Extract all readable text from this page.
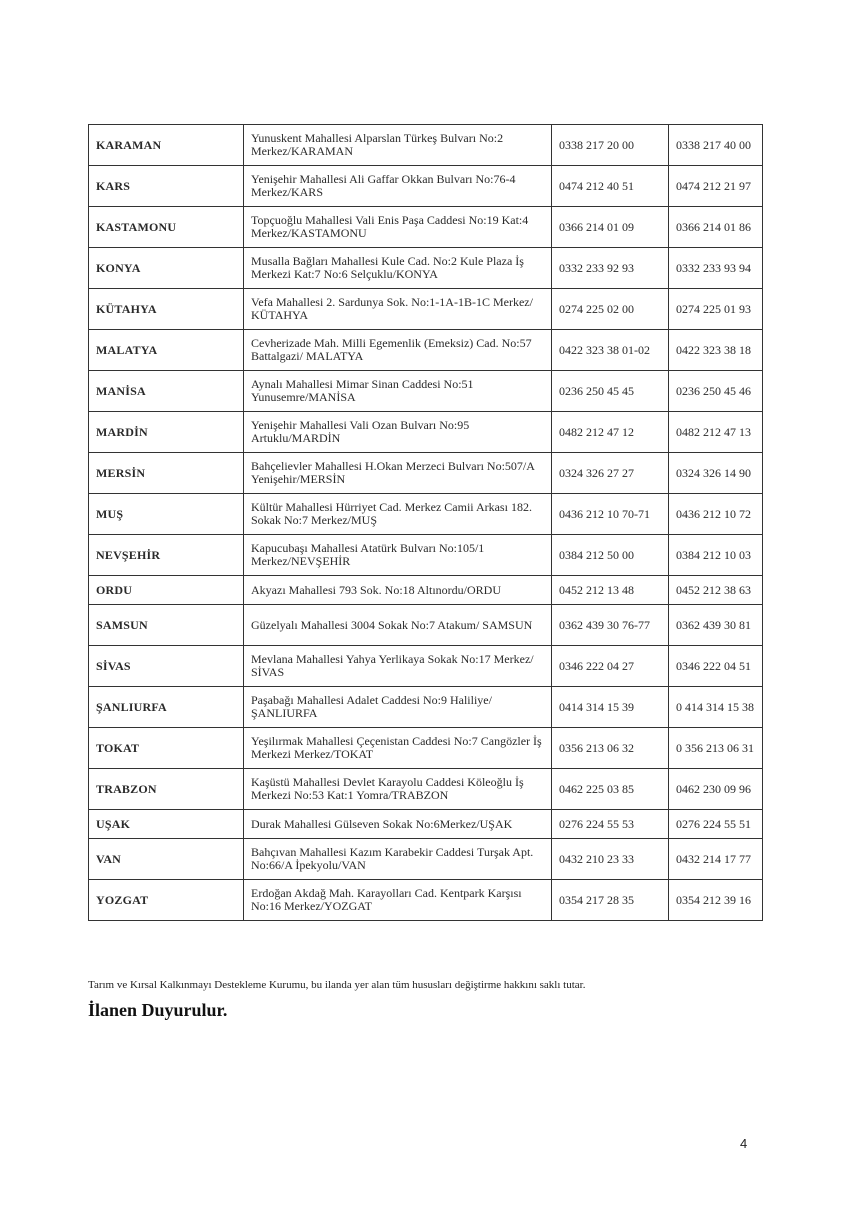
KARAMAN	Yunuskent Mahallesi Alparslan Türkeş Bulvarı No:2 Merkez/KARAMAN	0338 217 20 00	0338 217 40 00
KARS	Yenişehir Mahallesi Ali Gaffar Okkan Bulvarı No:76-4 Merkez/KARS	0474 212 40 51	0474 212 21 97
KASTAMONU	Topçuoğlu Mahallesi Vali Enis Paşa Caddesi No:19 Kat:4 Merkez/KASTAMONU	0366 214 01 09	0366 214 01 86
KONYA	Musalla Bağları Mahallesi Kule Cad. No:2 Kule Plaza İş Merkezi Kat:7 No:6 Selçuklu/KONYA	0332 233 92 93	0332 233 93 94
KÜTAHYA	Vefa Mahallesi 2. Sardunya Sok. No:1-1A-1B-1C Merkez/ KÜTAHYA	0274 225 02 00	0274 225 01 93
MALATYA	Cevherizade Mah. Milli Egemenlik (Emeksiz) Cad. No:57 Battalgazi/ MALATYA	0422 323 38 01-02	0422 323 38 18
MANİSA	Aynalı Mahallesi Mimar Sinan Caddesi No:51 Yunusemre/MANİSA	0236 250 45 45	0236 250 45 46
MARDİN	Yenişehir Mahallesi Vali Ozan Bulvarı No:95 Artuklu/MARDİN	0482 212 47 12	0482 212 47 13
MERSİN	Bahçelievler Mahallesi H.Okan Merzeci Bulvarı No:507/A Yenişehir/MERSİN	0324 326 27 27	0324 326 14 90
MUŞ	Kültür Mahallesi Hürriyet Cad. Merkez Camii Arkası 182. Sokak No:7 Merkez/MUŞ	0436 212 10 70-71	0436 212 10 72
NEVŞEHİR	Kapucubaşı Mahallesi Atatürk Bulvarı No:105/1 Merkez/NEVŞEHİR	0384 212 50 00	0384 212 10 03
ORDU	Akyazı Mahallesi 793 Sok. No:18 Altınordu/ORDU	0452 212 13 48	0452 212 38 63
SAMSUN	Güzelyalı Mahallesi 3004 Sokak No:7 Atakum/ SAMSUN	0362 439 30 76-77	0362 439 30 81
SİVAS	Mevlana Mahallesi Yahya Yerlikaya Sokak No:17 Merkez/ SİVAS	0346 222 04 27	0346 222 04 51
ŞANLIURFA	Paşabağı Mahallesi Adalet Caddesi No:9 Haliliye/ ŞANLIURFA	0414 314 15 39	0 414 314 15 38
TOKAT	Yeşilırmak Mahallesi Çeçenistan Caddesi No:7 Cangözler İş Merkezi Merkez/TOKAT	0356 213 06 32	0 356 213 06 31
TRABZON	Kaşüstü Mahallesi Devlet Karayolu Caddesi Köleoğlu İş Merkezi No:53 Kat:1 Yomra/TRABZON	0462 225 03 85	0462 230 09 96
UŞAK	Durak Mahallesi Gülseven Sokak No:6Merkez/UŞAK	0276 224 55 53	0276 224 55 51
VAN	Bahçıvan Mahallesi Kazım Karabekir Caddesi Turşak Apt. No:66/A İpekyolu/VAN	0432 210 23 33	0432 214 17 77
YOZGAT	Erdoğan Akdağ Mah. Karayolları Cad. Kentpark Karşısı No:16 Merkez/YOZGAT	0354 217 28 35	0354 212 39 16
Tarım ve Kırsal Kalkınmayı Destekleme Kurumu, bu ilanda yer alan tüm hususları değiştirme hakkını saklı tutar.
İlanen Duyurulur.
4
